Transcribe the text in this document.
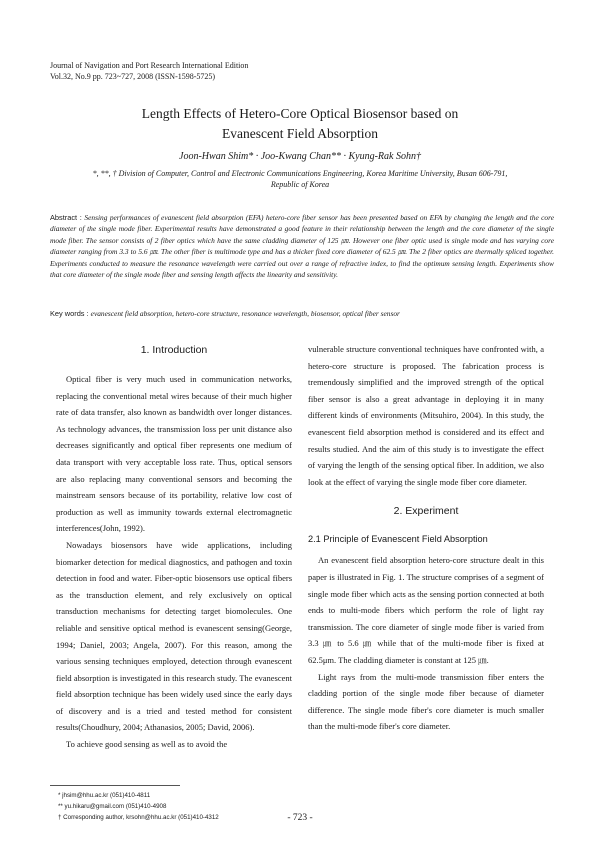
Journal of Navigation and Port Research International Edition
Vol.32, No.9 pp. 723~727, 2008 (ISSN-1598-5725)
Length Effects of Hetero-Core Optical Biosensor based on
Evanescent Field Absorption
Joon-Hwan Shim* · Joo-Kwang Chan** · Kyung-Rak Sohn†
*, **, † Division of Computer, Control and Electronic Communications Engineering, Korea Maritime University, Busan 606-791,
Republic of Korea
Abstract : Sensing performances of evanescent field absorption (EFA) hetero-core fiber sensor has been presented based on EFA by changing the length and the core diameter of the single mode fiber. Experimental results have demonstrated a good feature in their relationship between the length and the core diameter of the single mode fiber. The sensor consists of 2 fiber optics which have the same cladding diameter of 125 ㎛. However one fiber optic used is single mode and has varying core diameter ranging from 3.3 to 5.6 ㎛. The other fiber is multimode type and has a thicker fixed core diameter of 62.5 ㎛. The 2 fiber optics are thermally spliced together. Experiments conducted to measure the resonance wavelength were carried out over a range of refractive index, to find the optimum sensing length. Experiments show that core diameter of the single mode fiber and sensing length affects the linearity and sensitivity.
Key words : evanescent field absorption, hetero-core structure, resonance wavelength, biosensor, optical fiber sensor
1. Introduction

Optical fiber is very much used in communication networks, replacing the conventional metal wires because of their much higher rate of data transfer, also known as bandwidth over longer distances. As technology advances, the transmission loss per unit distance also decreases significantly and optical fiber represents one medium of data transport with very acceptable loss rate. Thus, optical sensors are also replacing many conventional sensors and becoming the mainstream sensors because of its portability, relative low cost of production as well as immunity towards external electromagnetic interferences(John, 1992).

Nowadays biosensors have wide applications, including biomarker detection for medical diagnostics, and pathogen and toxin detection in food and water. Fiber-optic biosensors use optical fibers as the transduction element, and rely exclusively on optical transduction mechanisms for detecting target biomolecules. One reliable and sensitive optical method is evanescent sensing(George, 1994; Daniel, 2003; Angela, 2007). For this reason, among the various sensing techniques employed, detection through evanescent field absorption is investigated in this research study. The evanescent field absorption technique has been widely used since the early days of discovery and is a tried and tested method for consistent results(Choudhury, 2004; Athanasios, 2005; David, 2006).

To achieve good sensing as well as to avoid the

vulnerable structure conventional techniques have confronted with, a hetero-core structure is proposed. The fabrication process is tremendously simplified and the improved strength of the optical fiber sensor is also a great advantage in deploying it in many different kinds of environments (Mitsuhiro, 2004). In this study, the evanescent field absorption method is considered and its effect and results studied. And the aim of this study is to investigate the effect of varying the length of the sensing optical fiber. In addition, we also look at the effect of varying the single mode fiber core diameter.

2. Experiment
2.1 Principle of Evanescent Field Absorption

An evanescent field absorption hetero-core structure dealt in this paper is illustrated in Fig. 1. The structure comprises of a segment of single mode fiber which acts as the sensing portion connected at both ends to multi-mode fibers which perform the role of light ray transmission. The core diameter of single mode fiber is varied from 3.3 ㎛ to 5.6 ㎛ while that of the multi-mode fiber is fixed at 62.5μm. The cladding diameter is constant at 125 ㎛.

Light rays from the multi-mode transmission fiber enters the cladding portion of the single mode fiber because of diameter difference. The single mode fiber's core diameter is much smaller than the multi-mode fiber's core diameter.

* jhsim@hhu.ac.kr (051)410-4811
** yu.hikaru@gmail.com (051)410-4908
† Corresponding author, krsohn@hhu.ac.kr (051)410-4312	- 723 -
